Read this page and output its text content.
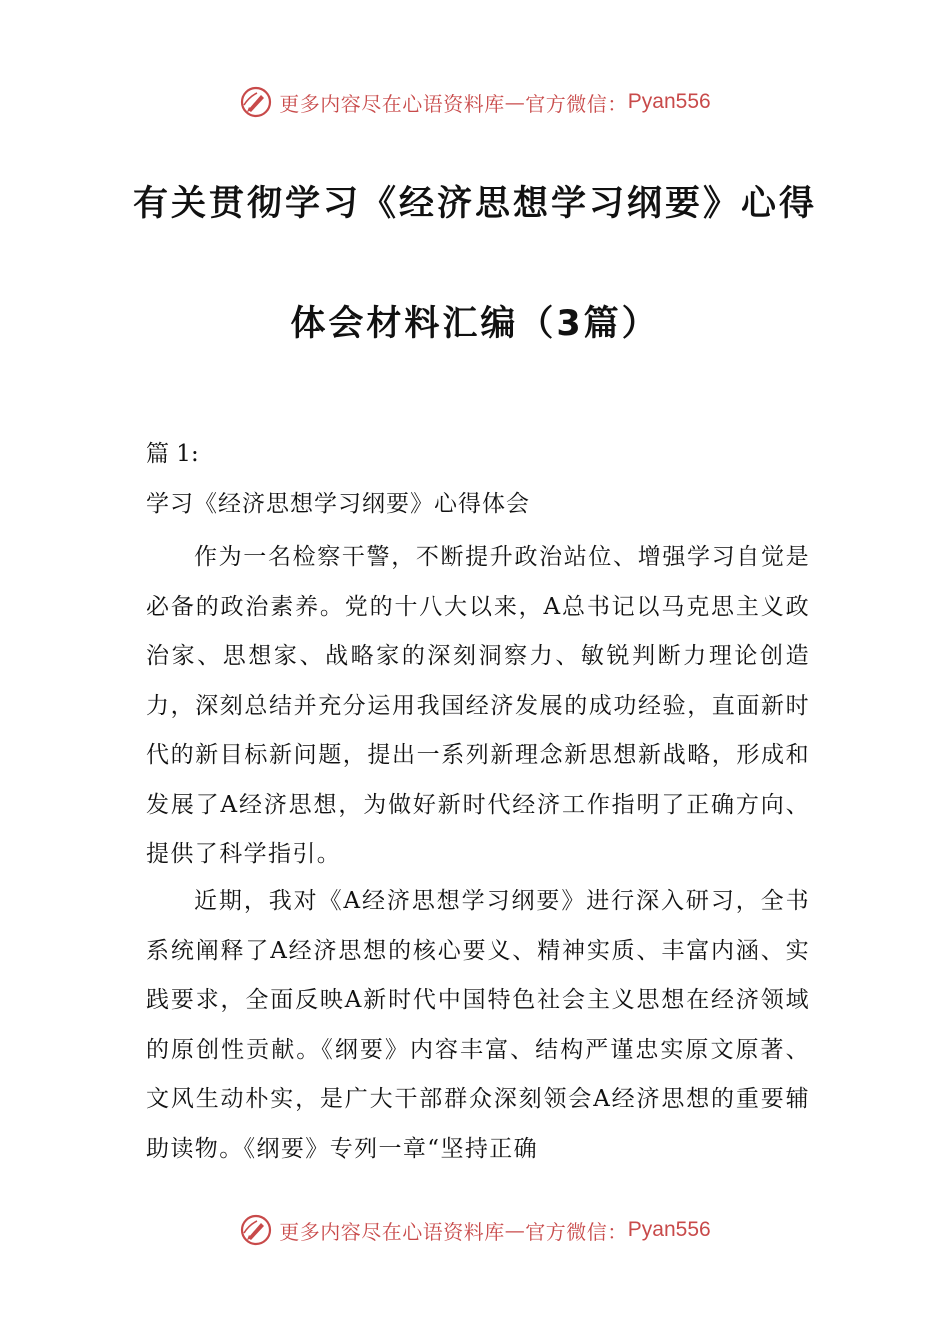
更多内容尽在心语资料库 — 官方微信： Pyan556
有关贯彻学习《经济思想学习纲要》心得
体会材料汇编（3篇）
篇 1:
学习《经济思想学习纲要》心得体会
作为一名检察干警，不断提升政治站位、增强学习自觉是必备的政治素养。党的十八大以来，A总书记以马克思主义政治家、思想家、战略家的深刻洞察力、敏锐判断力理论创造力，深刻总结并充分运用我国经济发展的成功经验，直面新时代的新目标新问题，提出一系列新理念新思想新战略，形成和发展了A经济思想，为做好新时代经济工作指明了正确方向、提供了科学指引。
近期，我对《A经济思想学习纲要》进行深入研习，全书系统阐释了A经济思想的核心要义、精神实质、丰富内涵、实践要求，全面反映A新时代中国特色社会主义思想在经济领域的原创性贡献。《纲要》内容丰富、结构严谨忠实原文原著、文风生动朴实，是广大干部群众深刻领会A经济思想的重要辅助读物。《纲要》专列一章“坚持正确
更多内容尽在心语资料库 — 官方微信： Pyan556
